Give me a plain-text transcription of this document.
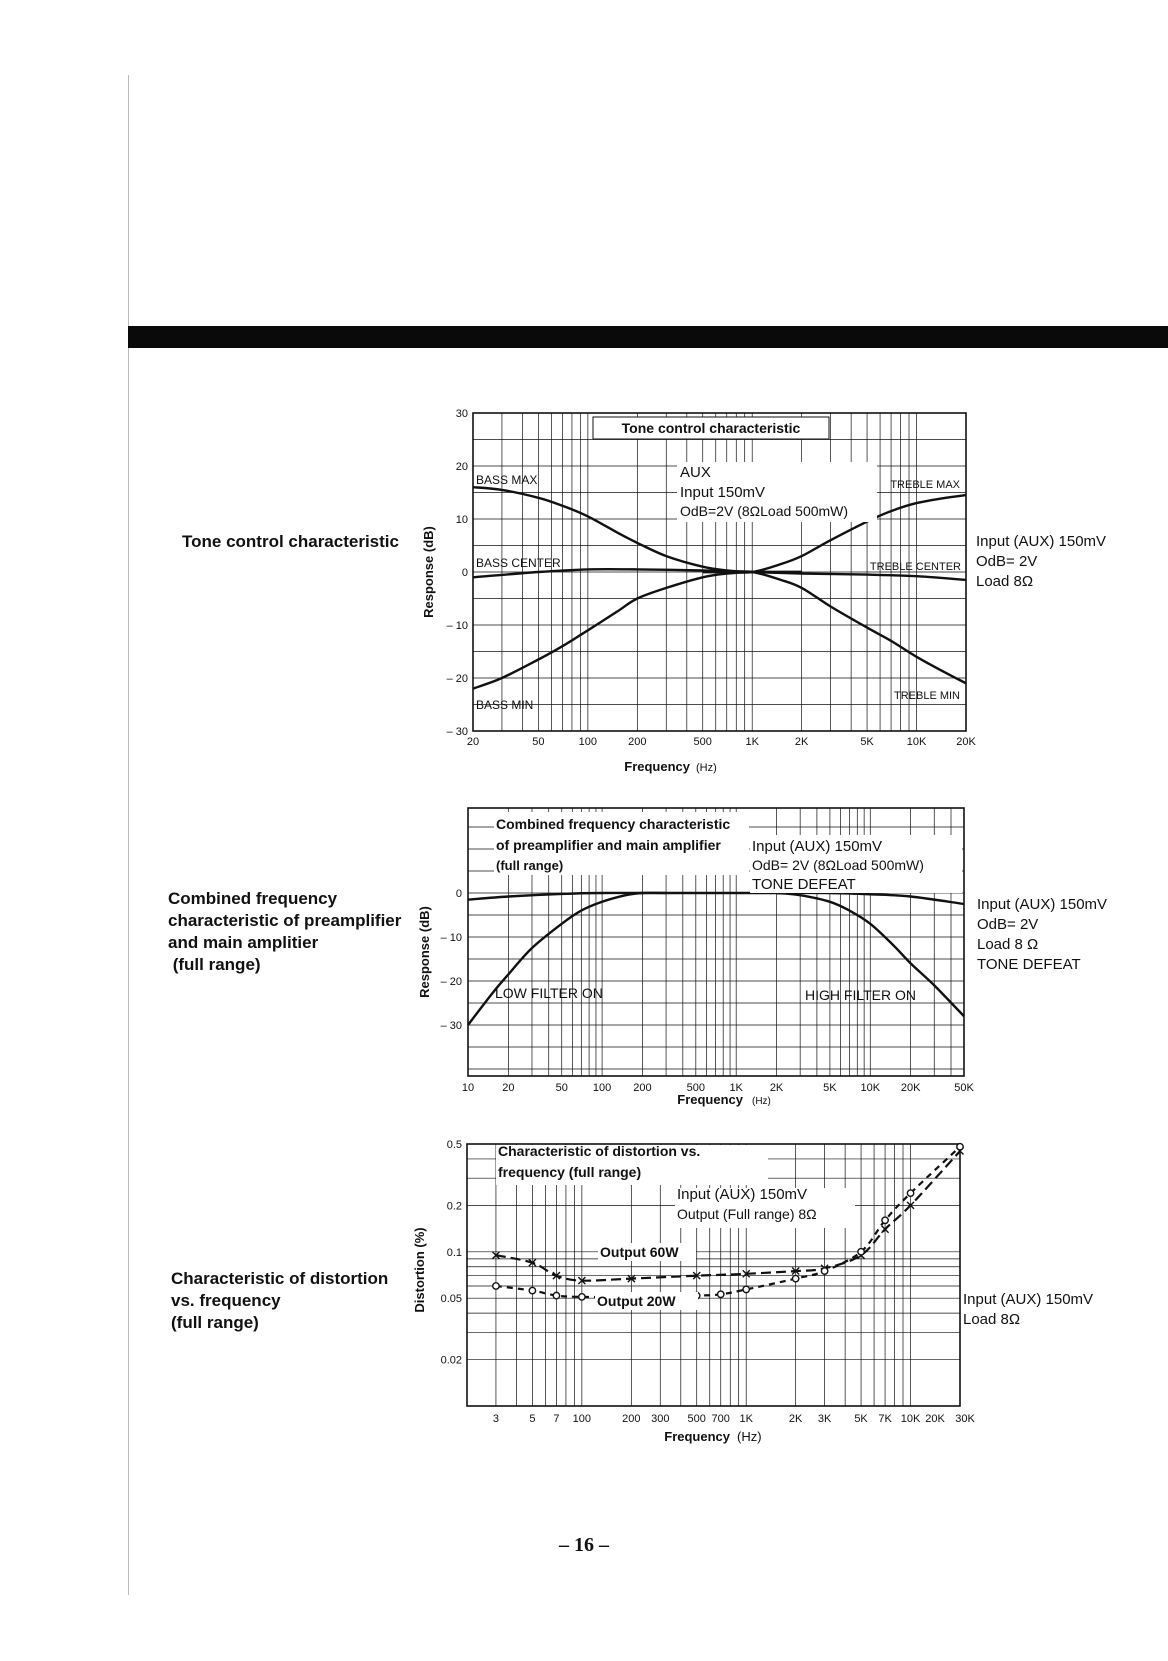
Tone control characteristic	Input (AUX) 150mV
OdB= 2V
Load 8Ω
Combined frequency
characteristic of preamplifier
and main amplitier
(full range)
Input (AUX) 150mV
OdB= 2V
Load 8 Ω
TONE DEFEAT
Characteristic of distortion
vs. frequency
(full range)
Input (AUX) 150mV
Load 8Ω
30
20
10
0
– 10
– 20
– 30
20	50	100	200	500	1K	2K	5K	10K	20K
Tone control characteristic
AUX
Input 150mV
OdB=2V (8ΩLoad 500mW)
BASS MAX
BASS CENTER
BASS MIN
TREBLE MAX
TREBLE CENTER
TREBLE MIN
Frequency (Hz)
Response (dB)
0
– 10
– 20
– 30
10	20	50 100 200	500 1K 2K	5K 10K 20K	50K
Combined frequency characteristic
of preamplifier and main amplifier
(full range)
Input (AUX) 150mV
OdB= 2V (8ΩLoad 500mW)
TONE DEFEAT
LOW FILTER ON	HIGH FILTER ON
Frequency (Hz)
Response (dB)
0.5
0.2
0.1
0.05
0.02
3	5 7 100	200 300 500 700 1K	2K 3K 5K 7K 10K 20K 30K
Characteristic of distortion vs.
frequency (full range)
Input (AUX) 150mV
Output (Full range) 8Ω
Output 60W
Output 20W
Frequency (Hz)
Distortion (%)
– 16 –
